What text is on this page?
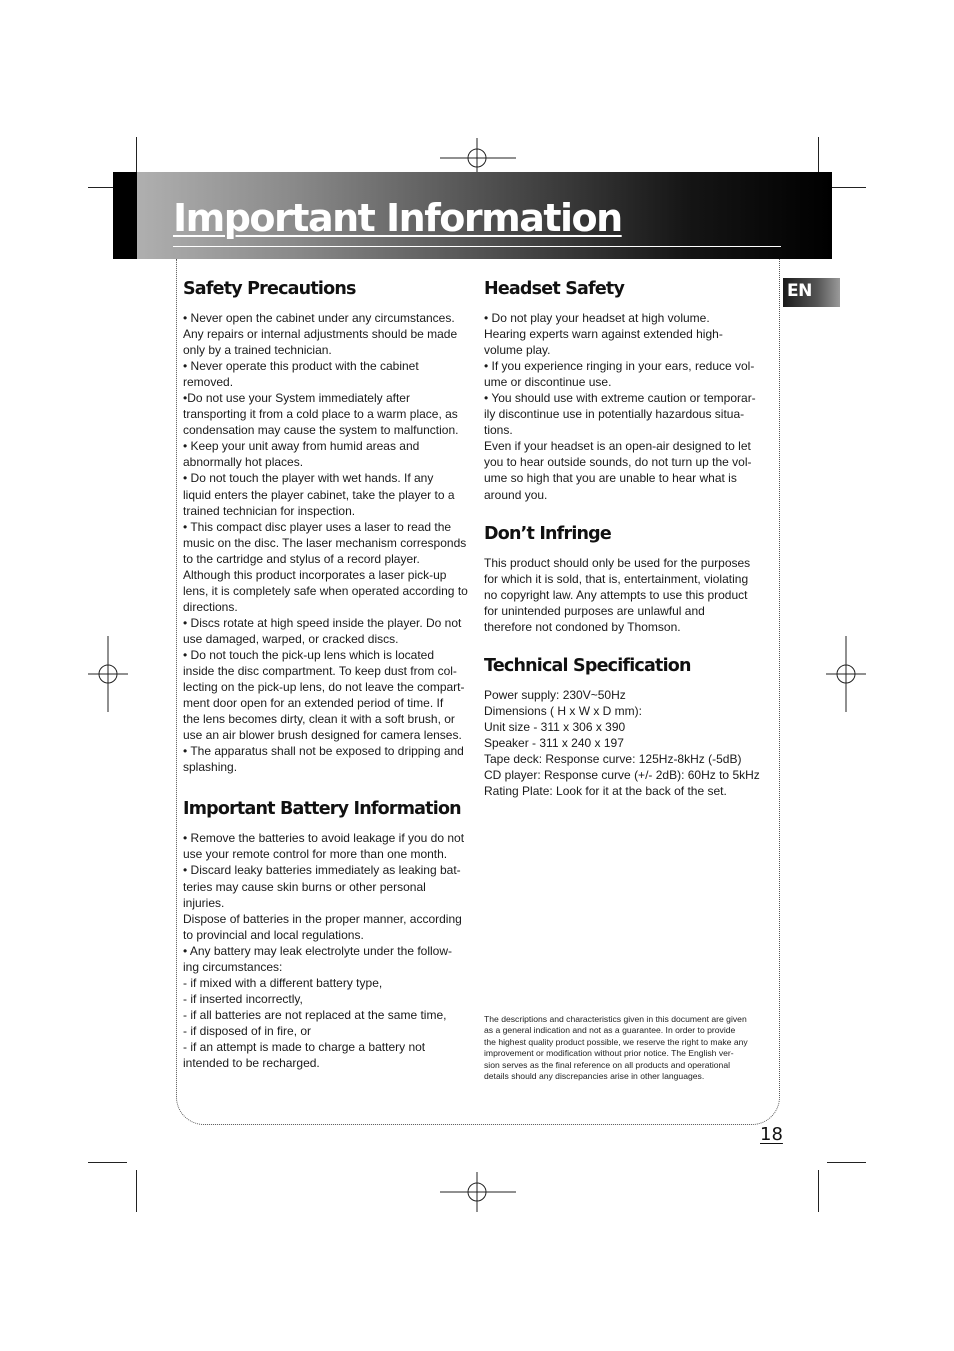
Important Information
EN
Safety Precautions

• Never open the cabinet under any circumstances.
Any repairs or internal adjustments should be made
only by a trained technician.
• Never operate this product with the cabinet
removed.
•Do not use your System immediately after
transporting it from a cold place to a warm place, as
condensation may cause the system to malfunction.
• Keep your unit away from humid areas and
abnormally hot places.
• Do not touch the player with wet hands. If any
liquid enters the player cabinet, take the player to a
trained technician for inspection.
• This compact disc player uses a laser to read the
music on the disc. The laser mechanism corresponds
to the cartridge and stylus of a record player.
Although this product incorporates a laser pick-up
lens, it is completely safe when operated according to
directions.
• Discs rotate at high speed inside the player. Do not
use damaged, warped, or cracked discs.
• Do not touch the pick-up lens which is located
inside the disc compartment. To keep dust from col-
lecting on the pick-up lens, do not leave the compart-
ment door open for an extended period of time. If
the lens becomes dirty, clean it with a soft brush, or
use an air blower brush designed for camera lenses.
• The apparatus shall not be exposed to dripping and
splashing.

Important Battery Information

• Remove the batteries to avoid leakage if you do not
use your remote control for more than one month.
• Discard leaky batteries immediately as leaking bat-
teries may cause skin burns or other personal injuries.
Dispose of batteries in the proper manner, according
to provincial and local regulations.
• Any battery may leak electrolyte under the follow-
ing circumstances:
- if mixed with a different battery type,
- if inserted incorrectly,
- if all batteries are not replaced at the same time,
- if disposed of in fire, or
- if an attempt is made to charge a battery not
intended to be recharged.

Headset Safety

• Do not play your headset at high volume.
Hearing experts warn against extended high-
volume play.
• If you experience ringing in your ears, reduce vol-
ume or discontinue use.
• You should use with extreme caution or temporar-
ily discontinue use in potentially hazardous situa-
tions.
Even if your headset is an open-air designed to let
you to hear outside sounds, do not turn up the vol-
ume so high that you are unable to hear what is
around you.

Don’t Infringe

This product should only be used for the purposes
for which it is sold, that is, entertainment, violating
no copyright law. Any attempts to use this product
for unintended purposes are unlawful and
therefore not condoned by Thomson.

Technical Specification

Power supply: 230V~50Hz
Dimensions ( H x W x D mm):
Unit size - 311 x 306 x 390
Speaker - 311 x 240 x 197
Tape deck: Response curve: 125Hz-8kHz (-5dB)
CD player: Response curve (+/- 2dB): 60Hz to 5kHz
Rating Plate: Look for it at the back of the set.

The descriptions and characteristics given in this document are given
as a general indication and not as a guarantee. In order to provide
the highest quality product possible, we reserve the right to make any
improvement or modification without prior notice. The English ver-
sion serves as the final reference on all products and operational
details should any discrepancies arise in other languages.
18
